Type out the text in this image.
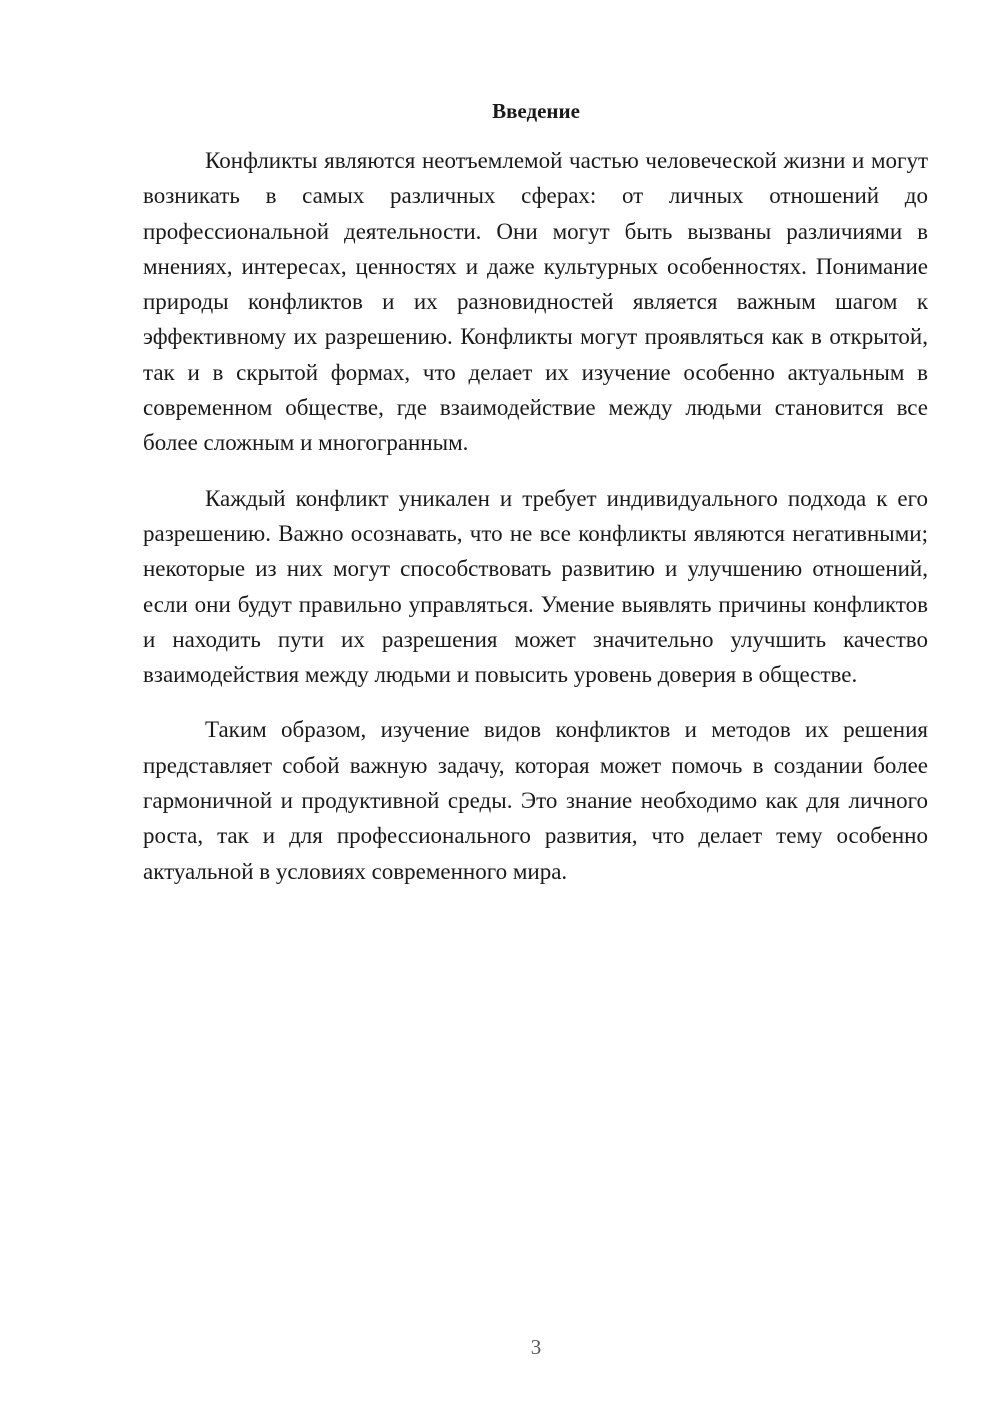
Введение

Конфликты являются неотъемлемой частью человеческой жизни и могут возникать в самых различных сферах: от личных отношений до профессиональной деятельности. Они могут быть вызваны различиями в мнениях, интересах, ценностях и даже культурных особенностях. Понимание природы конфликтов и их разновидностей является важным шагом к эффективному их разрешению. Конфликты могут проявляться как в открытой, так и в скрытой формах, что делает их изучение особенно актуальным в современном обществе, где взаимодействие между людьми становится все более сложным и многогранным.

Каждый конфликт уникален и требует индивидуального подхода к его разрешению. Важно осознавать, что не все конфликты являются негативными; некоторые из них могут способствовать развитию и улучшению отношений, если они будут правильно управляться. Умение выявлять причины конфликтов и находить пути их разрешения может значительно улучшить качество взаимодействия между людьми и повысить уровень доверия в обществе.

Таким образом, изучение видов конфликтов и методов их решения представляет собой важную задачу, которая может помочь в создании более гармоничной и продуктивной среды. Это знание необходимо как для личного роста, так и для профессионального развития, что делает тему особенно актуальной в условиях современного мира.

3
